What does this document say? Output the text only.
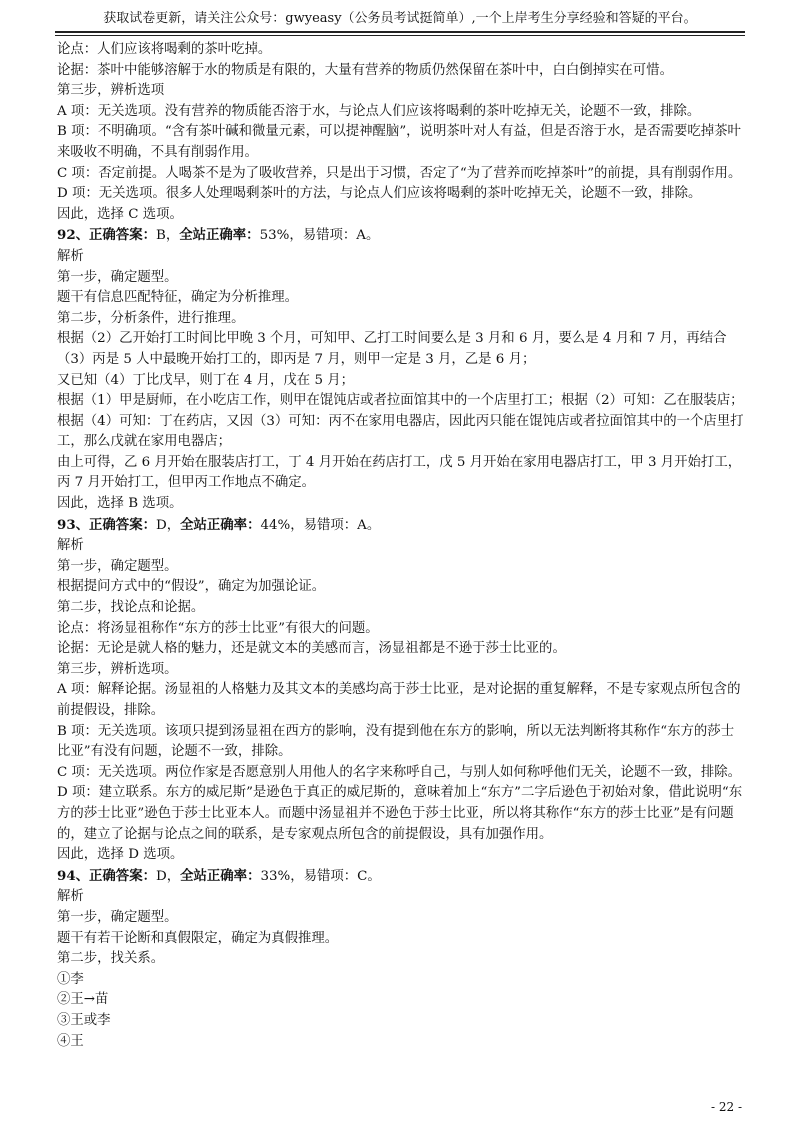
获取试卷更新，请关注公众号：gwyeasy（公务员考试挺简单）,一个上岸考生分享经验和答疑的平台。

论点：人们应该将喝剩的茶叶吃掉。

论据：茶叶中能够溶解于水的物质是有限的，大量有营养的物质仍然保留在茶叶中，白白倒掉实在可惜。

第三步，辨析选项

A 项：无关选项。没有营养的物质能否溶于水，与论点人们应该将喝剩的茶叶吃掉无关，论题不一致，排除。

B 项：不明确项。“含有茶叶碱和微量元素，可以提神醒脑”，说明茶叶对人有益，但是否溶于水，是否需要吃掉茶叶来吸收不明确，不具有削弱作用。

C 项：否定前提。人喝茶不是为了吸收营养，只是出于习惯，否定了“为了营养而吃掉茶叶”的前提，具有削弱作用。

D 项：无关选项。很多人处理喝剩茶叶的方法，与论点人们应该将喝剩的茶叶吃掉无关，论题不一致，排除。

因此，选择 C 选项。

92、正确答案：B，全站正确率：53%，易错项：A。

解析

第一步，确定题型。

题干有信息匹配特征，确定为分析推理。

第二步，分析条件，进行推理。

根据（2）乙开始打工时间比甲晚 3 个月，可知甲、乙打工时间要么是 3 月和 6 月，要么是 4 月和 7 月，再结合（3）丙是 5 人中最晚开始打工的，即丙是 7 月，则甲一定是 3 月，乙是 6 月；

又已知（4）丁比戊早，则丁在 4 月，戊在 5 月；

根据（1）甲是厨师，在小吃店工作，则甲在馄饨店或者拉面馆其中的一个店里打工；根据（2）可知：乙在服装店；根据（4）可知：丁在药店，又因（3）可知：丙不在家用电器店，因此丙只能在馄饨店或者拉面馆其中的一个店里打工，那么戊就在家用电器店；

由上可得，乙 6 月开始在服装店打工，丁 4 月开始在药店打工，戊 5 月开始在家用电器店打工，甲 3 月开始打工，丙 7 月开始打工，但甲丙工作地点不确定。

因此，选择 B 选项。

93、正确答案：D，全站正确率：44%，易错项：A。

解析

第一步，确定题型。

根据提问方式中的“假设”，确定为加强论证。

第二步，找论点和论据。

论点：将汤显祖称作“东方的莎士比亚”有很大的问题。

论据：无论是就人格的魅力，还是就文本的美感而言，汤显祖都是不逊于莎士比亚的。

第三步，辨析选项。

A 项：解释论据。汤显祖的人格魅力及其文本的美感均高于莎士比亚，是对论据的重复解释，不是专家观点所包含的前提假设，排除。

B 项：无关选项。该项只提到汤显祖在西方的影响，没有提到他在东方的影响，所以无法判断将其称作“东方的莎士比亚”有没有问题，论题不一致，排除。

C 项：无关选项。两位作家是否愿意别人用他人的名字来称呼自己，与别人如何称呼他们无关，论题不一致，排除。

D 项：建立联系。东方的威尼斯”是逊色于真正的威尼斯的，意味着加上“东方”二字后逊色于初始对象，借此说明“东方的莎士比亚”逊色于莎士比亚本人。而题中汤显祖并不逊色于莎士比亚，所以将其称作“东方的莎士比亚”是有问题的，建立了论据与论点之间的联系，是专家观点所包含的前提假设，具有加强作用。

因此，选择 D 选项。

94、正确答案：D，全站正确率：33%，易错项：C。

解析

第一步，确定题型。

题干有若干论断和真假限定，确定为真假推理。

第二步，找关系。

①李

②王→苗

③王或李

④王

- 22 -
